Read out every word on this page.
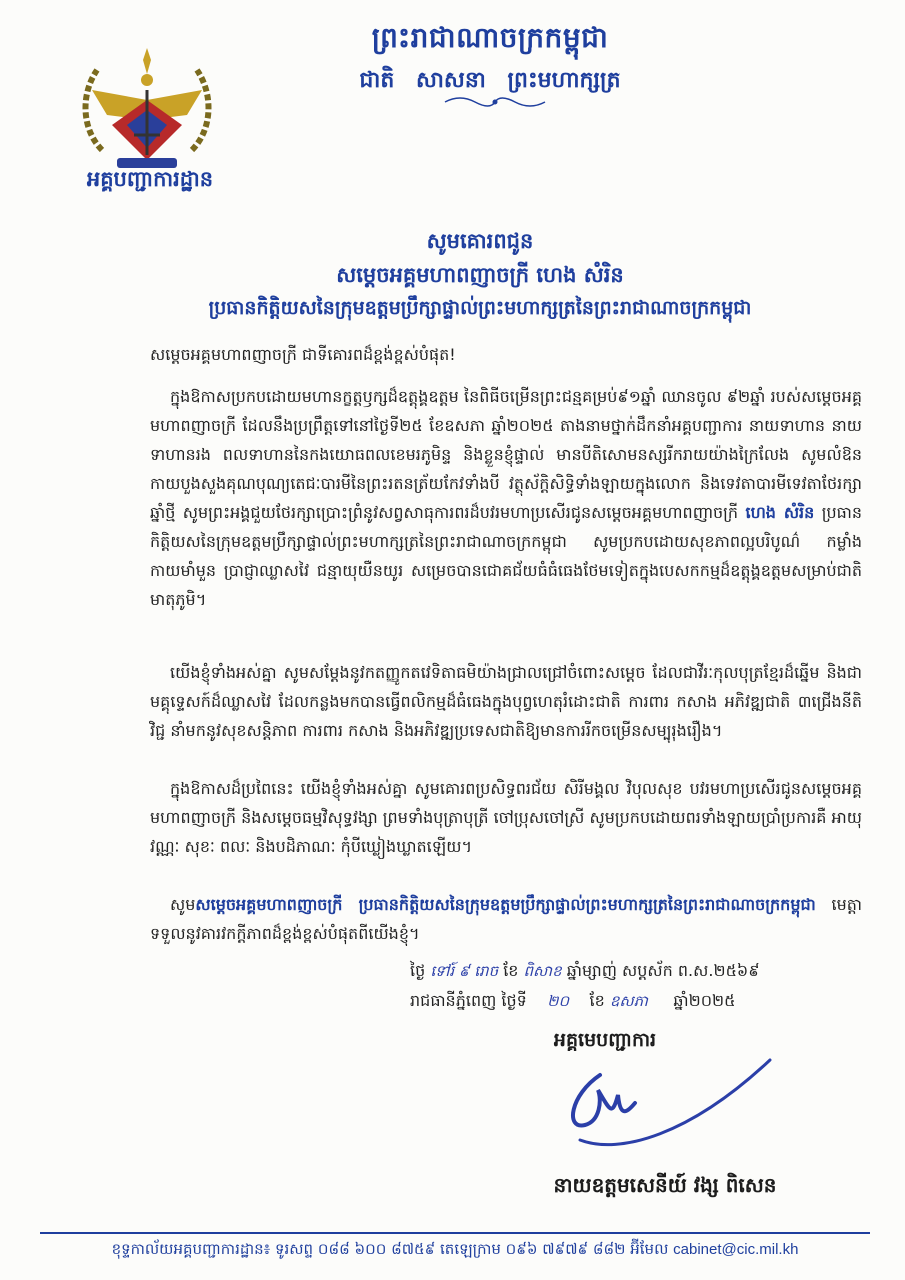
អគ្គបញ្ជាការដ្ឋាន
ព្រះរាជាណាចក្រកម្ពុជា
ជាតិ សាសនា ព្រះមហាក្សត្រ
សូមគោរពជូន
សម្តេចអគ្គមហាពញាចក្រី ហេង សំរិន
ប្រធានកិត្តិយសនៃក្រុមឧត្តមប្រឹក្សាផ្ទាល់ព្រះមហាក្សត្រនៃព្រះរាជាណាចក្រកម្ពុជា
សម្តេចអគ្គមហាពញាចក្រី ជាទីគោរពដ៏ខ្ពង់ខ្ពស់បំផុត!
ក្នុងឱកាសប្រកបដោយមហានក្ខត្តឫក្សដ៏ឧត្តុង្គឧត្តម នៃពិធីចម្រើនព្រះជន្មគម្រប់៩១ឆ្នាំ ឈានចូល ៩២ឆ្នាំ របស់សម្តេចអគ្គមហាពញាចក្រី ដែលនឹងប្រព្រឹត្តទៅនៅថ្ងៃទី២៥ ខែឧសភា ឆ្នាំ២០២៥ តាងនាមថ្នាក់ដឹកនាំអគ្គបញ្ជាការ នាយទាហាន នាយទាហានរង ពលទាហាននៃកងយោធពលខេមរភូមិន្ទ និងខ្លួនខ្ញុំផ្ទាល់ មានបីតិសោមនស្សរីករាយយ៉ាងក្រៃលែង សូមលំឱនកាយបួងសួងគុណបុណ្យតេជៈបារមីនៃព្រះរតនត្រ័យកែវទាំងបី វត្ថុស័ក្តិសិទ្ធិទាំងឡាយក្នុងលោក និងទេវតាបារមីទេវតាថែរក្សាឆ្នាំថ្មី សូមព្រះអង្គជួយថែរក្សាប្រោះព្រំនូវសព្វសាធុការពរដ៏បវរមហាប្រសើរជូនសម្តេចអគ្គមហាពញាចក្រី ហេង សំរិន ប្រធានកិត្តិយសនៃក្រុមឧត្តមប្រឹក្សាផ្ទាល់ព្រះមហាក្សត្រនៃព្រះរាជាណាចក្រកម្ពុជា សូមប្រកបដោយសុខភាពល្អបរិបូណ៌ កម្លាំងកាយមាំមួន ប្រាជ្ញាឈ្លាសវៃ ជន្មាយុយឺនយូរ សម្រេចបានជោគជ័យធំធំធេងថែមទៀតក្នុងបេសកកម្មដ៏ឧត្តុង្គឧត្តមសម្រាប់ជាតិមាតុភូមិ។
យើងខ្ញុំទាំងអស់គ្នា សូមសម្តែងនូវកតញ្ញូកតវេទិតាធមិយ៉ាងជ្រាលជ្រៅចំពោះសម្តេច ដែលជាវីរៈកុលបុត្រខ្មែរដ៏ឆ្នើម និងជាមគ្គុទ្ទេសក៍ដ៏ឈ្លាសវៃ ដែលកន្លងមកបានធ្វើពលិកម្មដ៏ធំធេងក្នុងបុព្វហេតុរំដោះជាតិ ការពារ កសាង អភិវឌ្ឍជាតិ ៣ជ្រើងនីតិវិជ្ជ នាំមកនូវសុខសន្តិភាព ការពារ កសាង និងអភិវឌ្ឍប្រទេសជាតិឱ្យមានការរីកចម្រើនសម្បុរុងរឿង។
ក្នុងឱកាសដ៏ប្រពៃនេះ យើងខ្ញុំទាំងអស់គ្នា សូមគោរពប្រសិទ្ធពរជ័យ សិរីមង្គល វិបុលសុខ បវរមហាប្រសើរជូនសម្តេចអគ្គមហាពញាចក្រី និងសម្តេចធម្មវិសុទ្ធវង្សា ព្រមទាំងបុត្រាបុត្រី ចៅប្រុសចៅស្រី សូមប្រកបដោយពរទាំងឡាយប្រាំប្រការគឺ អាយុ វណ្ណៈ សុខៈ ពលៈ និងបដិភាណៈ កុំបីឃ្លៀងឃ្លាតឡើយ។
សូមសម្តេចអគ្គមហាពញាចក្រី ប្រធានកិត្តិយសនៃក្រុមឧត្តមប្រឹក្សាផ្ទាល់ព្រះមហាក្សត្រនៃព្រះរាជាណាចក្រកម្ពុជា មេត្តាទទួលនូវគារវកក្តីភាពដ៏ខ្ពង់ខ្ពស់បំផុតពីយើងខ្ញុំ។
ថ្ងៃ ទៅរ៍ ៩ រោច ខែ ពិសាខ ឆ្នាំម្សាញ់ សប្តស័ក ព.ស.២៥៦៩
រាជធានីភ្នំពេញ ថ្ងៃទី ២០ ខែ ឧសភា ឆ្នាំ២០២៥
អគ្គមេបញ្ជាការ
នាយឧត្តមសេនីយ៍ វង្ស ពិសេន
ខុទ្ទកាល័យអគ្គបញ្ជាការដ្ឋាន៖ ទូរសព្ទ ០៨៨ ៦០០ ៨៧៥៩ តេឡេក្រាម ០៩៦ ៧៩៧៩ ៨៨២ អ៊ីមែល cabinet@cic.mil.kh
